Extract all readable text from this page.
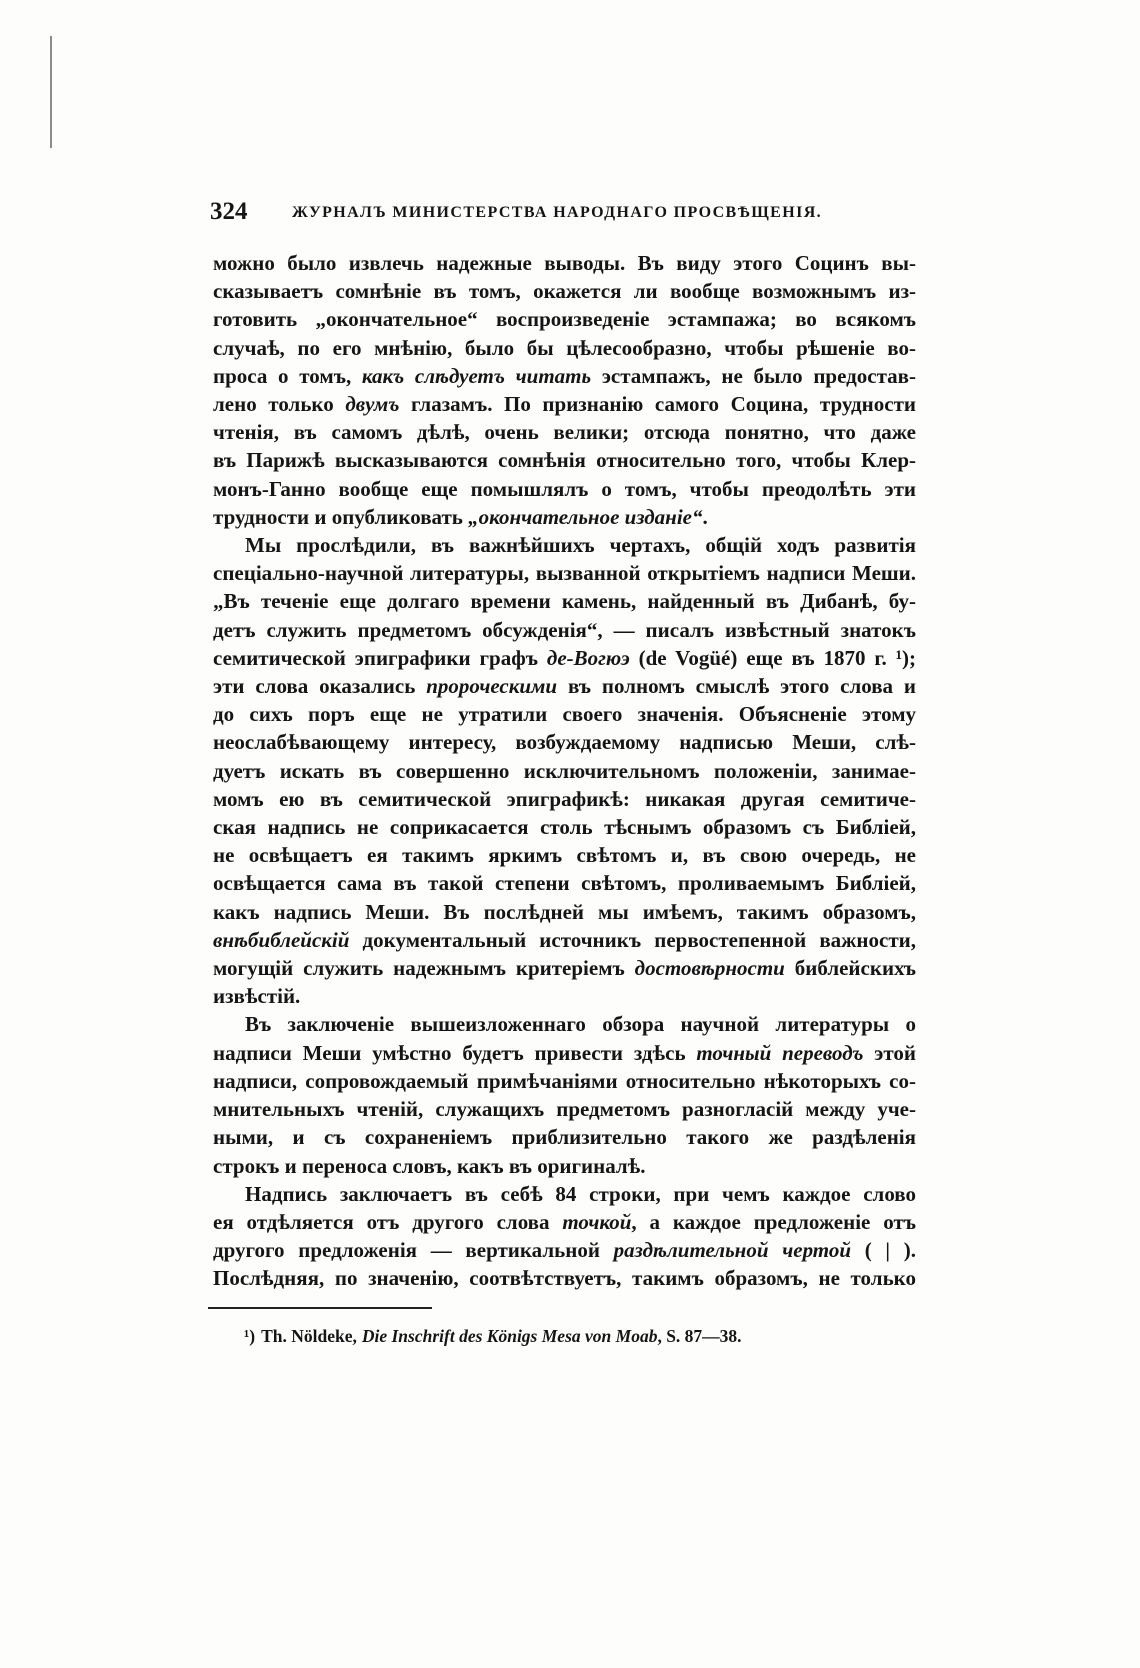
324	ЖУРНАЛЪ МИНИСТЕРСТВА НАРОДНАГО ПРОСВѢЩЕНІЯ.
можно было извлечь надежные выводы. Въ виду этого Социнъ вы-
сказываетъ сомнѣніе въ томъ, окажется ли вообще возможнымъ из-
готовить „окончательное“ воспроизведеніе эстампажа; во всякомъ
случаѣ, по его мнѣнію, было бы цѣлесообразно, чтобы рѣшеніе во-
проса о томъ, какъ слѣдуетъ читать эстампажъ, не было предостав-
лено только двумъ глазамъ. По признанію самого Социна, трудности
чтенія, въ самомъ дѣлѣ, очень велики; отсюда понятно, что даже
въ Парижѣ высказываются сомнѣнія относительно того, чтобы Клер-
монъ-Ганно вообще еще помышлялъ о томъ, чтобы преодолѣть эти
трудности и опубликовать „окончательное изданіе“.
Мы прослѣдили, въ важнѣйшихъ чертахъ, общій ходъ развитія
спеціально-научной литературы, вызванной открытіемъ надписи Меши.
„Въ теченіе еще долгаго времени камень, найденный въ Дибанѣ, бу-
детъ служить предметомъ обсужденія“, — писалъ извѣстный знатокъ
семитической эпиграфики графъ де-Вогюэ (de Vogüé) еще въ 1870 г. ¹);
эти слова оказались пророческими въ полномъ смыслѣ этого слова и
до сихъ поръ еще не утратили своего значенія. Объясненіе этому
неослабѣвающему интересу, возбуждаемому надписью Меши, слѣ-
дуетъ искать въ совершенно исключительномъ положеніи, занимае-
момъ ею въ семитической эпиграфикѣ: никакая другая семитиче-
ская надпись не соприкасается столь тѣснымъ образомъ съ Библіей,
не освѣщаетъ ея такимъ яркимъ свѣтомъ и, въ свою очередь, не
освѣщается сама въ такой степени свѣтомъ, проливаемымъ Библіей,
какъ надпись Меши. Въ послѣдней мы имѣемъ, такимъ образомъ,
внѣбиблейскій документальный источникъ первостепенной важности,
могущій служить надежнымъ критеріемъ достовѣрности библейскихъ
извѣстій.
Въ заключеніе вышеизложеннаго обзора научной литературы о
надписи Меши умѣстно будетъ привести здѣсь точный переводъ этой
надписи, сопровождаемый примѣчаніями относительно нѣкоторыхъ со-
мнительныхъ чтеній, служащихъ предметомъ разногласій между уче-
ными, и съ сохраненіемъ приблизительно такого же раздѣленія
строкъ и переноса словъ, какъ въ оригиналѣ.
Надпись заключаетъ въ себѣ 84 строки, при чемъ каждое слово
ея отдѣляется отъ другого слова точкой, а каждое предложеніе отъ
другого предложенія — вертикальной раздѣлительной чертой ( | ).
Послѣдняя, по значенію, соотвѣтствуетъ, такимъ образомъ, не только
¹) Th. Nöldeke, Die Inschrift des Königs Mesa von Moab, S. 87—38.
